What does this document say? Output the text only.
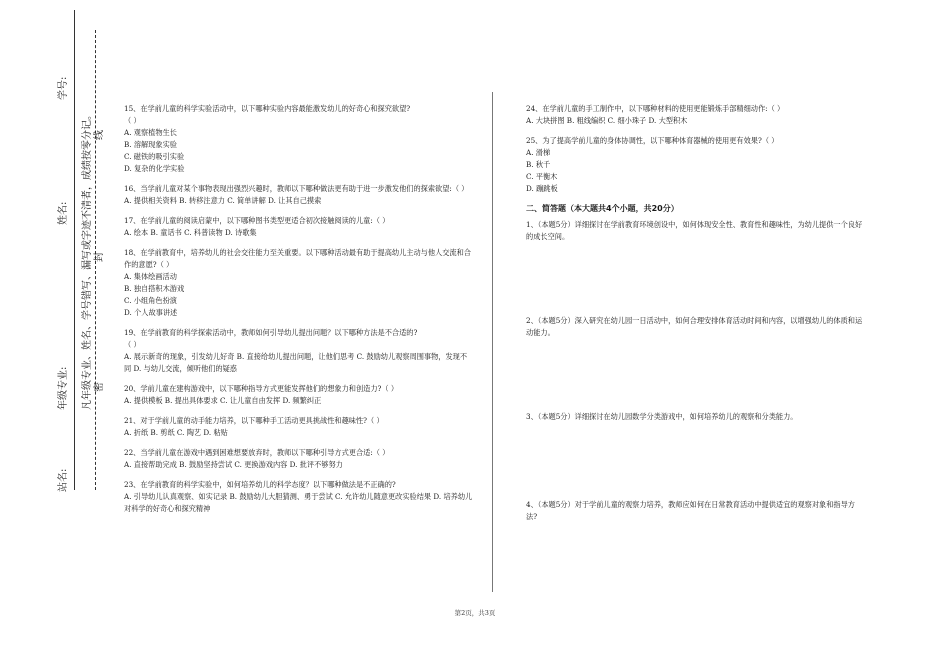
学号:
姓名:
年级专业:
站名:
凡年级专业、姓名、学号错写、漏写或字迹不清者，成绩按零分记。 密
封
线

15、在学前儿童的科学实验活动中，以下哪种实验内容最能激发幼儿的好奇心和探究欲望?

（ ）

A. 观察植物生长

B. 溶解现象实验

C. 磁铁的吸引实验

D. 复杂的化学实验

16、当学前儿童对某个事物表现出强烈兴趣时，教师以下哪种做法更有助于进一步激发他们的探索欲望:（ ）

A. 提供相关资料 B. 转移注意力 C. 简单讲解 D. 让其自己摸索

17、在学前儿童的阅读启蒙中，以下哪种图书类型更适合初次接触阅读的儿童:（ ）

A. 绘本 B. 童话书 C. 科普读物 D. 诗歌集

18、在学前教育中，培养幼儿的社会交往能力至关重要。以下哪种活动最有助于提高幼儿主动与他人交流和合作的意愿?（ ）

A. 集体绘画活动

B. 独自搭积木游戏

C. 小组角色扮演

D. 个人故事讲述

19、在学前教育的科学探索活动中，教师如何引导幼儿提出问题？以下哪种方法是不合适的?

（ ）

A. 展示新奇的现象，引发幼儿好奇 B. 直接给幼儿提出问题，让他们思考 C. 鼓励幼儿观察周围事物，发现不同 D. 与幼儿交流，倾听他们的疑惑

20、学前儿童在建构游戏中，以下哪种指导方式更能发挥他们的想象力和创造力?（ ）

A. 提供模板 B. 提出具体要求 C. 让儿童自由发挥 D. 频繁纠正

21、对于学前儿童的动手能力培养，以下哪种手工活动更具挑战性和趣味性?（ ）

A. 折纸 B. 剪纸 C. 陶艺 D. 粘贴

22、当学前儿童在游戏中遇到困难想要放弃时，教师以下哪种引导方式更合适:（ ）

A. 直接帮助完成 B. 鼓励坚持尝试 C. 更换游戏内容 D. 批评不够努力

23、在学前教育的科学实验中，如何培养幼儿的科学态度？以下哪种做法是不正确的?

A. 引导幼儿认真观察、如实记录 B. 鼓励幼儿大胆猜测、勇于尝试 C. 允许幼儿随意更改实验结果 D. 培养幼儿对科学的好奇心和探究精神

24、在学前儿童的手工制作中，以下哪种材料的使用更能锻炼手部精细动作:（ ）

A. 大块拼图 B. 粗线编织 C. 细小珠子 D. 大型积木

25、为了提高学前儿童的身体协调性，以下哪种体育器械的使用更有效果?（ ）

A. 滑梯

B. 秋千

C. 平衡木

D. 蹦跳板

二、简答题（本大题共4个小题，共20分）

1、（本题5分）详细探讨在学前教育环境创设中，如何体现安全性、教育性和趣味性，为幼儿提供一个良好的成长空间。

2、（本题5分）深入研究在幼儿园一日活动中，如何合理安排体育活动时间和内容，以增强幼儿的体质和运动能力。

3、（本题5分）详细探讨在幼儿园数学分类游戏中，如何培养幼儿的观察和分类能力。

4、（本题5分）对于学前儿童的观察力培养，教师应如何在日常教育活动中提供适宜的观察对象和指导方法?

第2页，共3页
